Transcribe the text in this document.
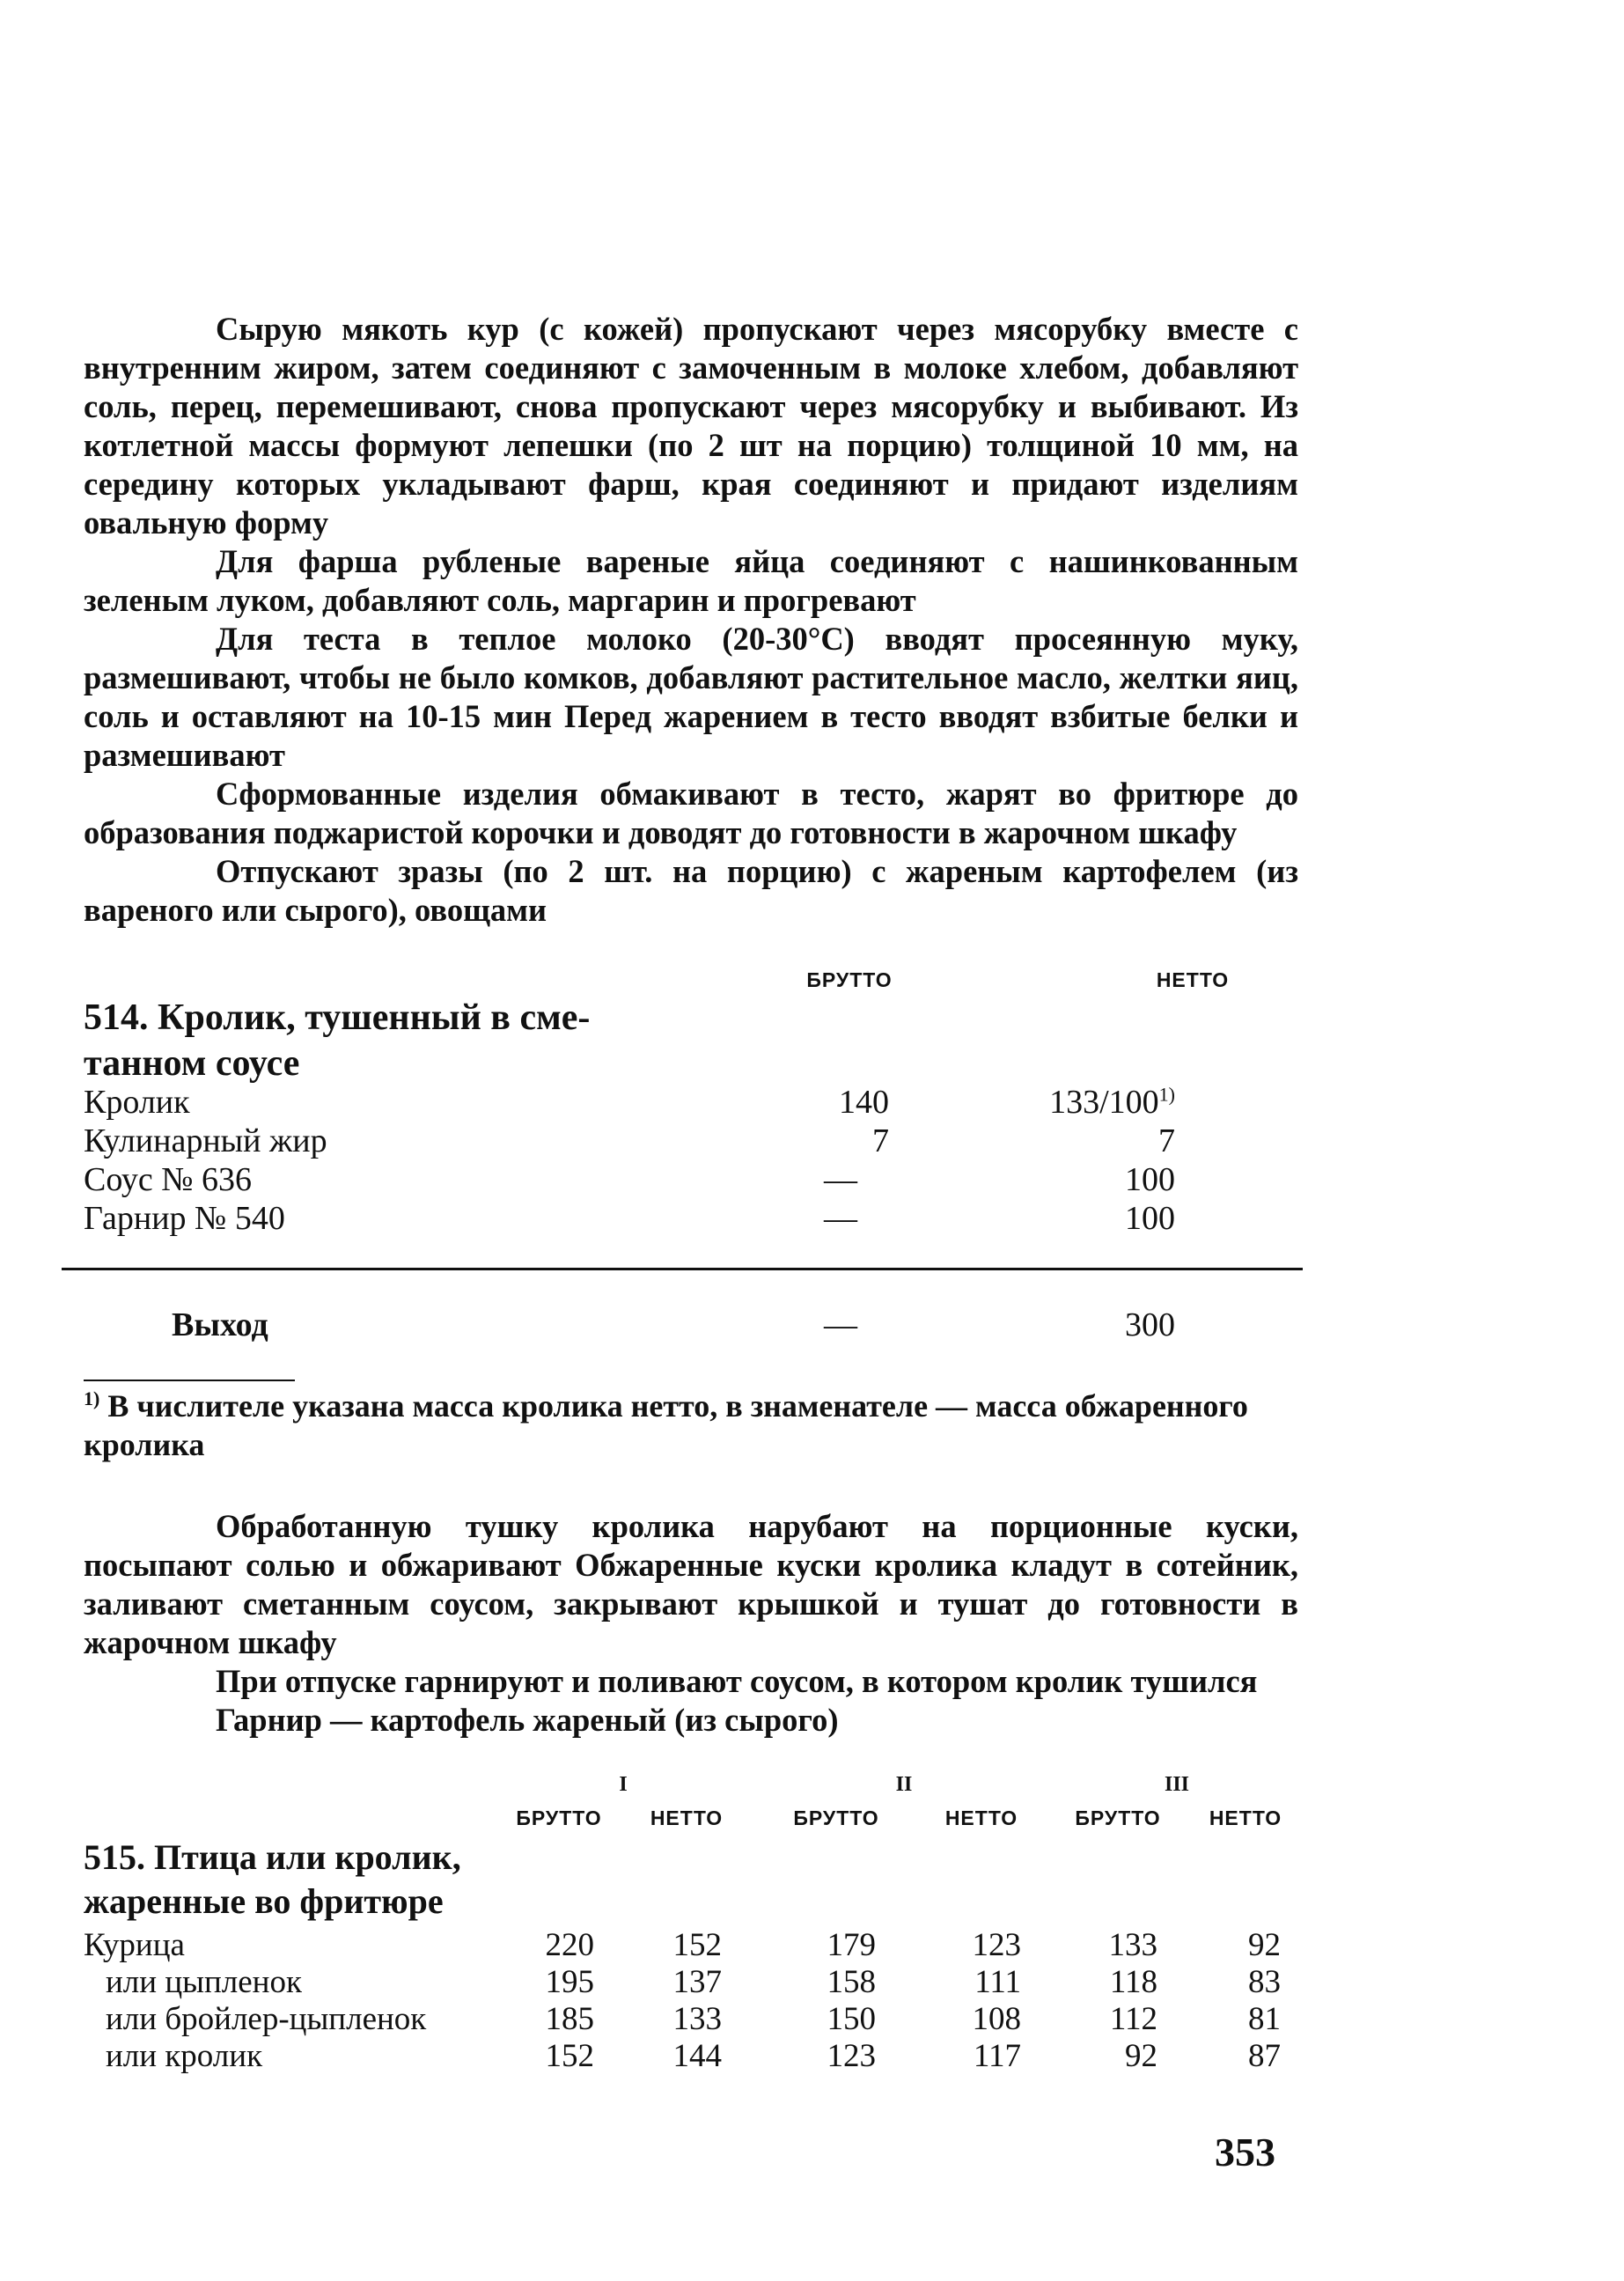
Сырую мякоть кур (с кожей) пропускают через мясорубку вместе с внутренним жиром, затем соединяют с замоченным в молоке хлебом, добавляют соль, перец, перемешивают, снова пропускают через мясорубку и выбивают. Из котлетной массы формуют лепешки (по 2 шт на порцию) толщиной 10 мм, на середину которых укладывают фарш, края соединяют и придают изделиям овальную форму

Для фарша рубленые вареные яйца соединяют с нашинкованным зеленым луком, добавляют соль, маргарин и прогревают

Для теста в теплое молоко (20-30°С) вводят просеянную муку, размешивают, чтобы не было комков, добавляют растительное масло, желтки яиц, соль и оставляют на 10-15 мин Перед жарением в тесто вводят взбитые белки и размешивают

Сформованные изделия обмакивают в тесто, жарят во фритюре до образования поджаристой корочки и доводят до готовности в жарочном шкафу

Отпускают зразы (по 2 шт. на порцию) с жареным картофелем (из вареного или сырого), овощами

БРУТТО	НЕТТО
514. Кролик, тушенный в сме-
танном соусе
Кролик	140	133/100$^{1)}$
Кулинарный жир	7	7
Соус № 636	—	100
Гарнир № 540	—	100
Выход	—	300
$^{1)}$ В числителе указана масса кролика нетто, в знаменателе — масса обжаренного кролика

Обработанную тушку кролика нарубают на порционные куски, посыпают солью и обжаривают Обжаренные куски кролика кладут в сотейник, заливают сметанным соусом, закрывают крышкой и тушат до готовности в жарочном шкафу

При отпуске гарнируют и поливают соусом, в котором кролик тушился

Гарнир — картофель жареный (из сырого)

I	II	III
БРУТТО	НЕТТО	БРУТТО	НЕТТО	БРУТТО	НЕТТО
515. Птица или кролик,
жаренные во фритюре
Курица	220	152	179	123	133	92
или цыпленок	195	137	158	111	118	83
или бройлер-цыпленок	185	133	150	108	112	81
или кролик	152	144	123	117	92	87
353
